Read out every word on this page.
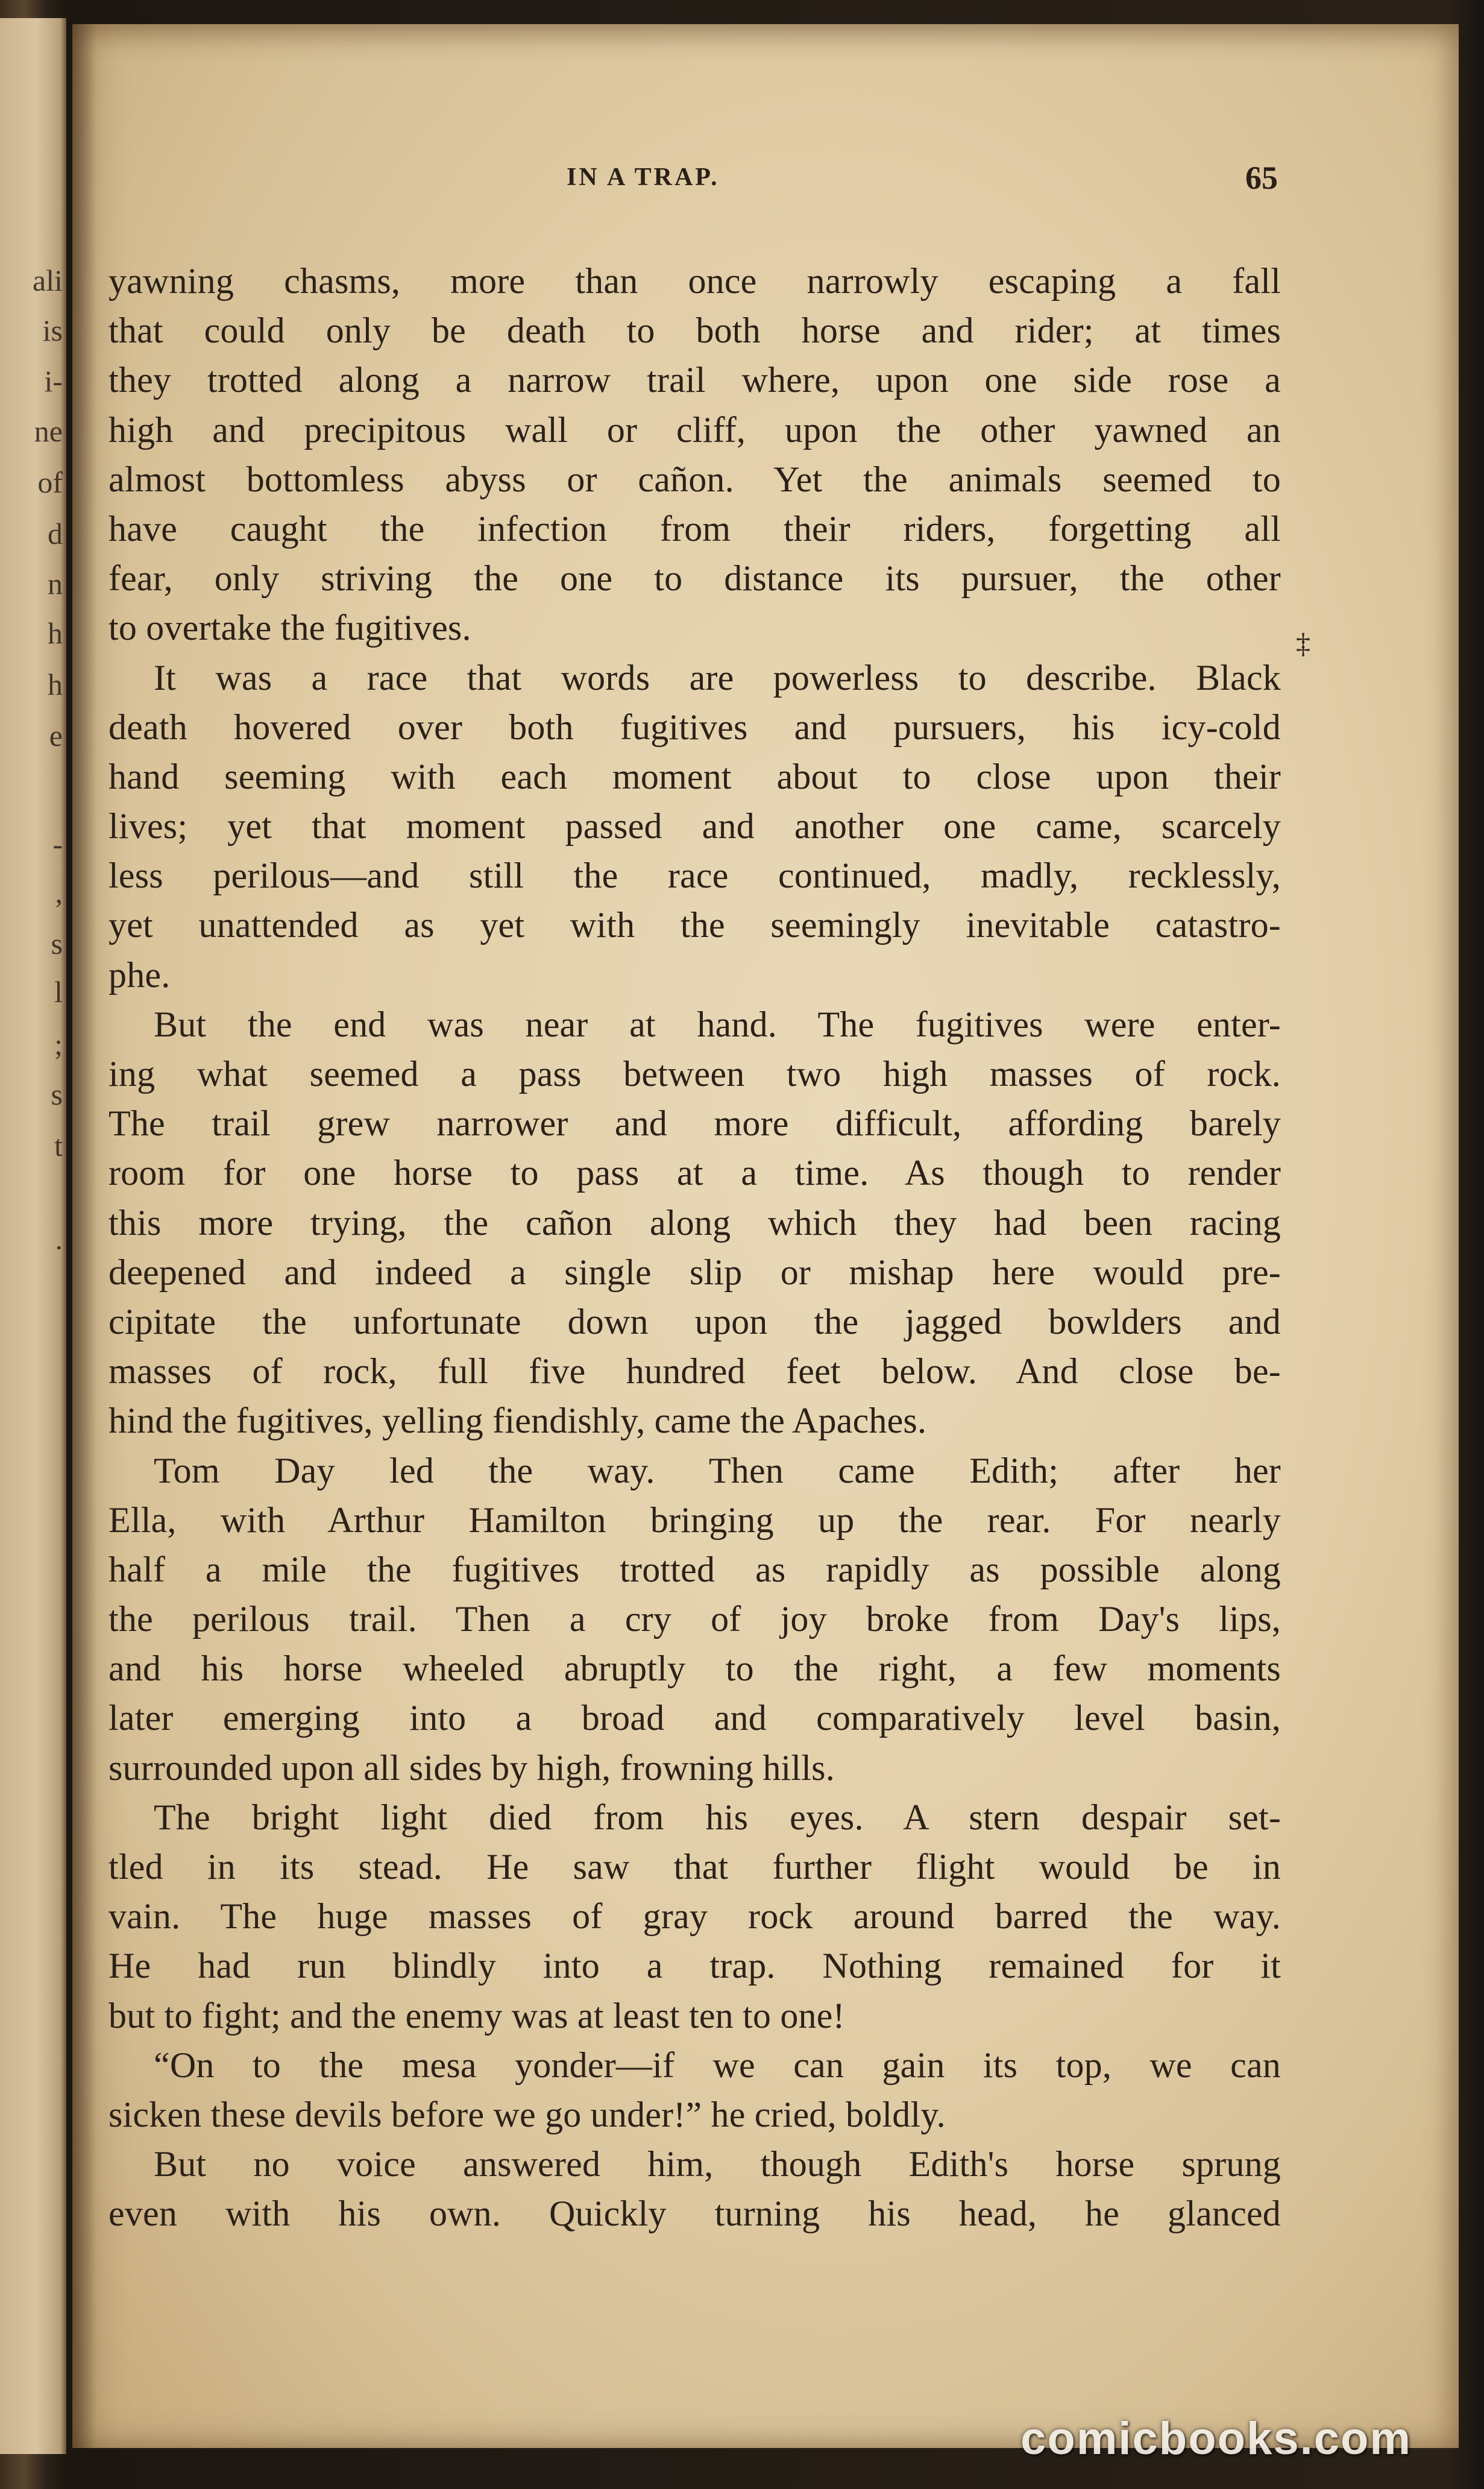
ali
is
i-
ne
of
d
n
h
h
e
-
,
s
l
;
s
t
.
IN A TRAP.	65
yawning chasms, more than once narrowly escaping a fall
that could only be death to both horse and rider; at times
they trotted along a narrow trail where, upon one side rose a
high and precipitous wall or cliff, upon the other yawned an
almost bottomless abyss or cañon. Yet the animals seemed to
have caught the infection from their riders, forgetting all
fear, only striving the one to distance its pursuer, the other
to overtake the fugitives.
It was a race that words are powerless to describe. Black
death hovered over both fugitives and pursuers, his icy-cold
hand seeming with each moment about to close upon their
lives; yet that moment passed and another one came, scarcely
less perilous—and still the race continued, madly, recklessly,
yet unattended as yet with the seemingly inevitable catastro-
phe.
But the end was near at hand. The fugitives were enter-
ing what seemed a pass between two high masses of rock.
The trail grew narrower and more difficult, affording barely
room for one horse to pass at a time. As though to render
this more trying, the cañon along which they had been racing
deepened and indeed a single slip or mishap here would pre-
cipitate the unfortunate down upon the jagged bowlders and
masses of rock, full five hundred feet below. And close be-
hind the fugitives, yelling fiendishly, came the Apaches.
Tom Day led the way. Then came Edith; after her
Ella, with Arthur Hamilton bringing up the rear. For nearly
half a mile the fugitives trotted as rapidly as possible along
the perilous trail. Then a cry of joy broke from Day's lips,
and his horse wheeled abruptly to the right, a few moments
later emerging into a broad and comparatively level basin,
surrounded upon all sides by high, frowning hills.
The bright light died from his eyes. A stern despair set-
tled in its stead. He saw that further flight would be in
vain. The huge masses of gray rock around barred the way.
He had run blindly into a trap. Nothing remained for it
but to fight; and the enemy was at least ten to one!
“On to the mesa yonder—if we can gain its top, we can
sicken these devils before we go under!” he cried, boldly.
But no voice answered him, though Edith's horse sprung
even with his own. Quickly turning his head, he glanced
‡
comicbooks.com
